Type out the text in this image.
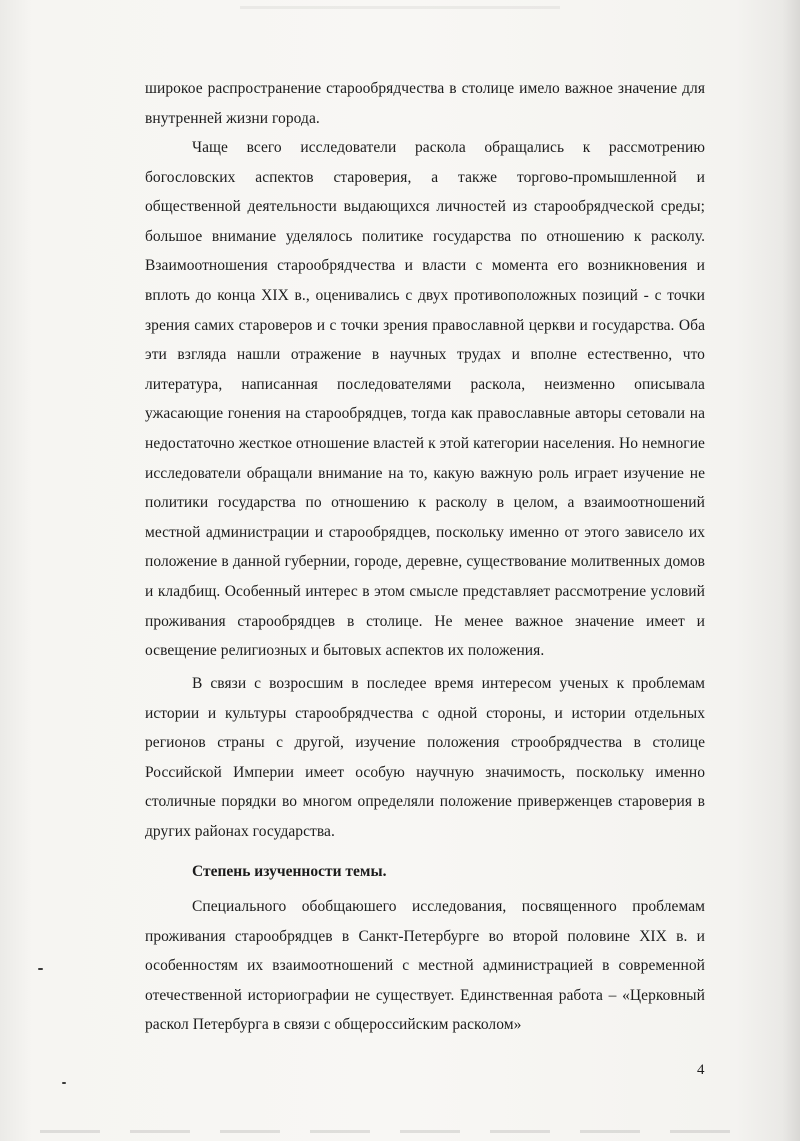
широкое распространение старообрядчества в столице имело важное значение для внутренней жизни города.

Чаще всего исследователи раскола обращались к рассмотрению богословских аспектов староверия, а также торгово-промышленной и общественной деятельности выдающихся личностей из старообрядческой среды; большое внимание уделялось политике государства по отношению к расколу. Взаимоотношения старообрядчества и власти с момента его возникновения и вплоть до конца XIX в., оценивались с двух противоположных позиций - с точки зрения самих староверов и с точки зрения православной церкви и государства. Оба эти взгляда нашли отражение в научных трудах и вполне естественно, что литература, написанная последователями раскола, неизменно описывала ужасающие гонения на старообрядцев, тогда как православные авторы сетовали на недостаточно жесткое отношение властей к этой категории населения. Но немногие исследователи обращали внимание на то, какую важную роль играет изучение не политики государства по отношению к расколу в целом, а взаимоотношений местной администрации и старообрядцев, поскольку именно от этого зависело их положение в данной губернии, городе, деревне, существование молитвенных домов и кладбищ. Особенный интерес в этом смысле представляет рассмотрение условий проживания старообрядцев в столице. Не менее важное значение имеет и освещение религиозных и бытовых аспектов их положения.

В связи с возросшим в последее время интересом ученых к проблемам истории и культуры старообрядчества с одной стороны, и истории отдельных регионов страны с другой, изучение положения строобрядчества в столице Российской Империи имеет особую научную значимость, поскольку именно столичные порядки во многом определяли положение приверженцев староверия в других районах государства.

Степень изученности темы.

Специального обобщаюшего исследования, посвященного проблемам проживания старообрядцев в Санкт-Петербурге во второй половине XIX в. и особенностям их взаимоотношений с местной администрацией в современной отечественной историографии не существует. Единственная работа – «Церковный раскол Петербурга в связи с общероссийским расколом»

4
